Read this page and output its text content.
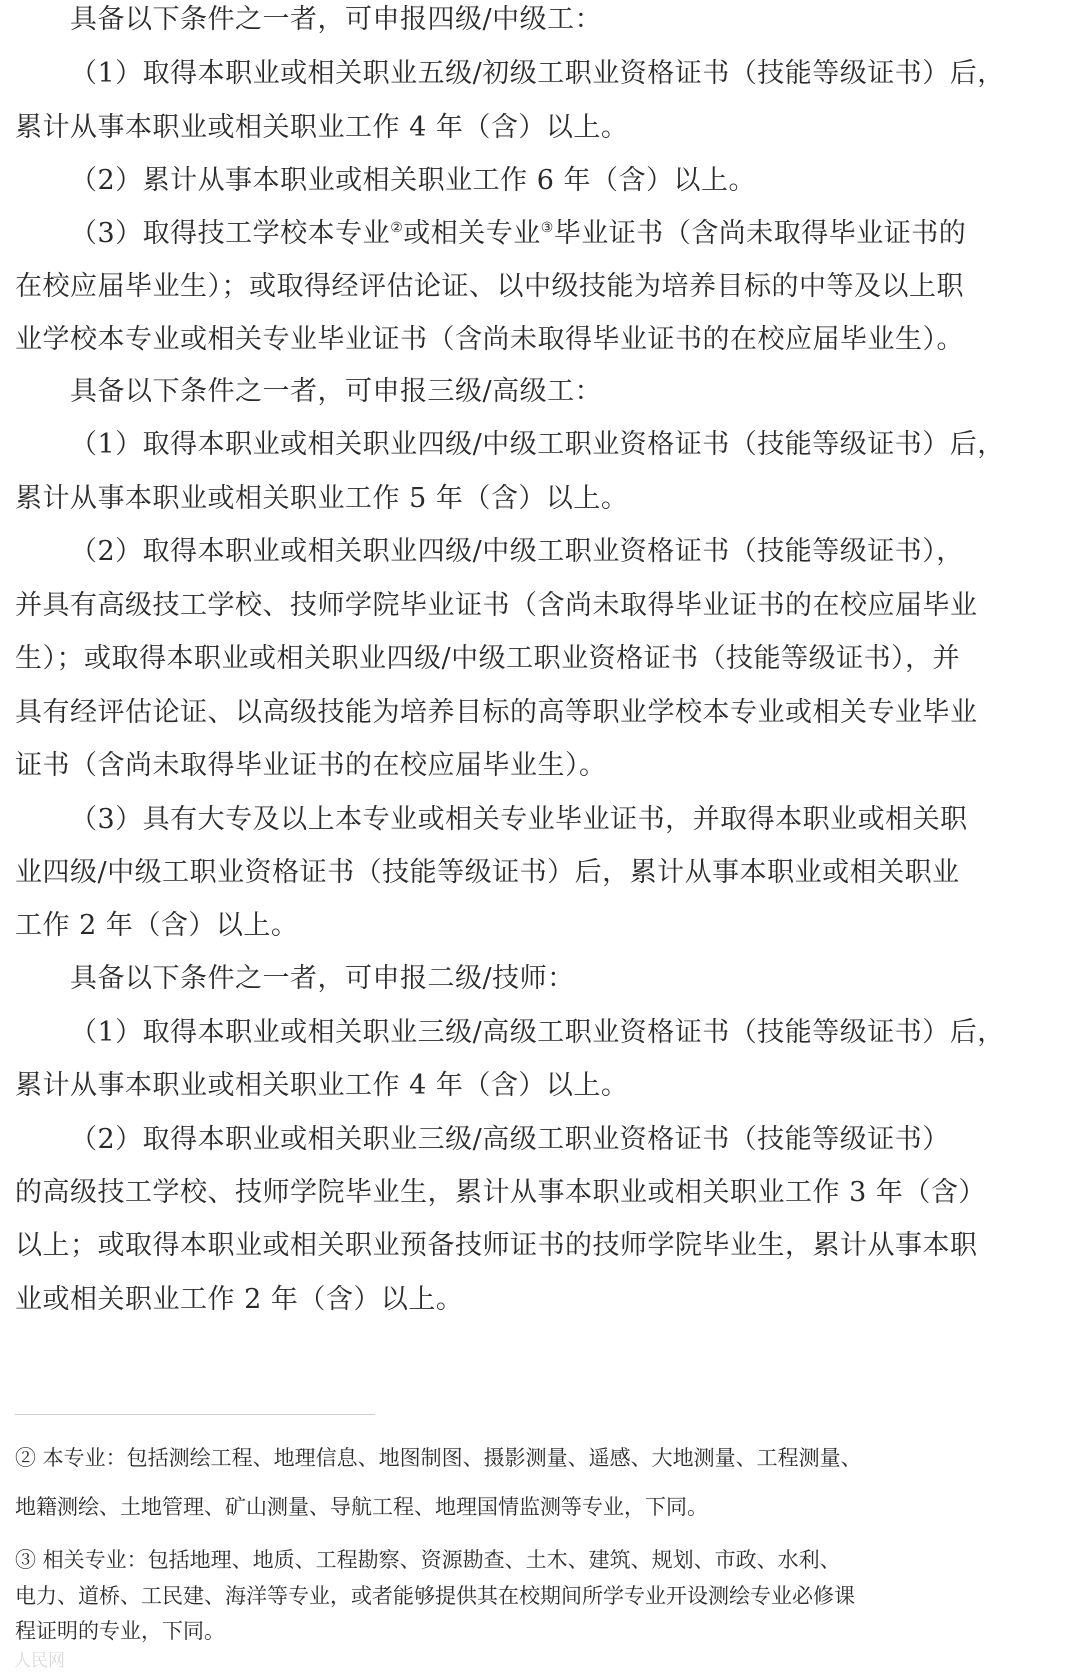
具备以下条件之一者，可申报四级/中级工：
（1）取得本职业或相关职业五级/初级工职业资格证书（技能等级证书）后，
累计从事本职业或相关职业工作 4 年（含）以上。
（2）累计从事本职业或相关职业工作 6 年（含）以上。
（3）取得技工学校本专业②或相关专业③毕业证书（含尚未取得毕业证书的
在校应届毕业生）；或取得经评估论证、以中级技能为培养目标的中等及以上职
业学校本专业或相关专业毕业证书（含尚未取得毕业证书的在校应届毕业生）。
具备以下条件之一者，可申报三级/高级工：
（1）取得本职业或相关职业四级/中级工职业资格证书（技能等级证书）后，
累计从事本职业或相关职业工作 5 年（含）以上。
（2）取得本职业或相关职业四级/中级工职业资格证书（技能等级证书），
并具有高级技工学校、技师学院毕业证书（含尚未取得毕业证书的在校应届毕业
生）；或取得本职业或相关职业四级/中级工职业资格证书（技能等级证书），并
具有经评估论证、以高级技能为培养目标的高等职业学校本专业或相关专业毕业
证书（含尚未取得毕业证书的在校应届毕业生）。
（3）具有大专及以上本专业或相关专业毕业证书，并取得本职业或相关职
业四级/中级工职业资格证书（技能等级证书）后，累计从事本职业或相关职业
工作 2 年（含）以上。
具备以下条件之一者，可申报二级/技师：
（1）取得本职业或相关职业三级/高级工职业资格证书（技能等级证书）后，
累计从事本职业或相关职业工作 4 年（含）以上。
（2）取得本职业或相关职业三级/高级工职业资格证书（技能等级证书）
的高级技工学校、技师学院毕业生，累计从事本职业或相关职业工作 3 年（含）
以上；或取得本职业或相关职业预备技师证书的技师学院毕业生，累计从事本职
业或相关职业工作 2 年（含）以上。
② 本专业：包括测绘工程、地理信息、地图制图、摄影测量、遥感、大地测量、工程测量、
地籍测绘、土地管理、矿山测量、导航工程、地理国情监测等专业，下同。
③ 相关专业：包括地理、地质、工程勘察、资源勘查、土木、建筑、规划、市政、水利、
电力、道桥、工民建、海洋等专业，或者能够提供其在校期间所学专业开设测绘专业必修课
程证明的专业，下同。
人民网
